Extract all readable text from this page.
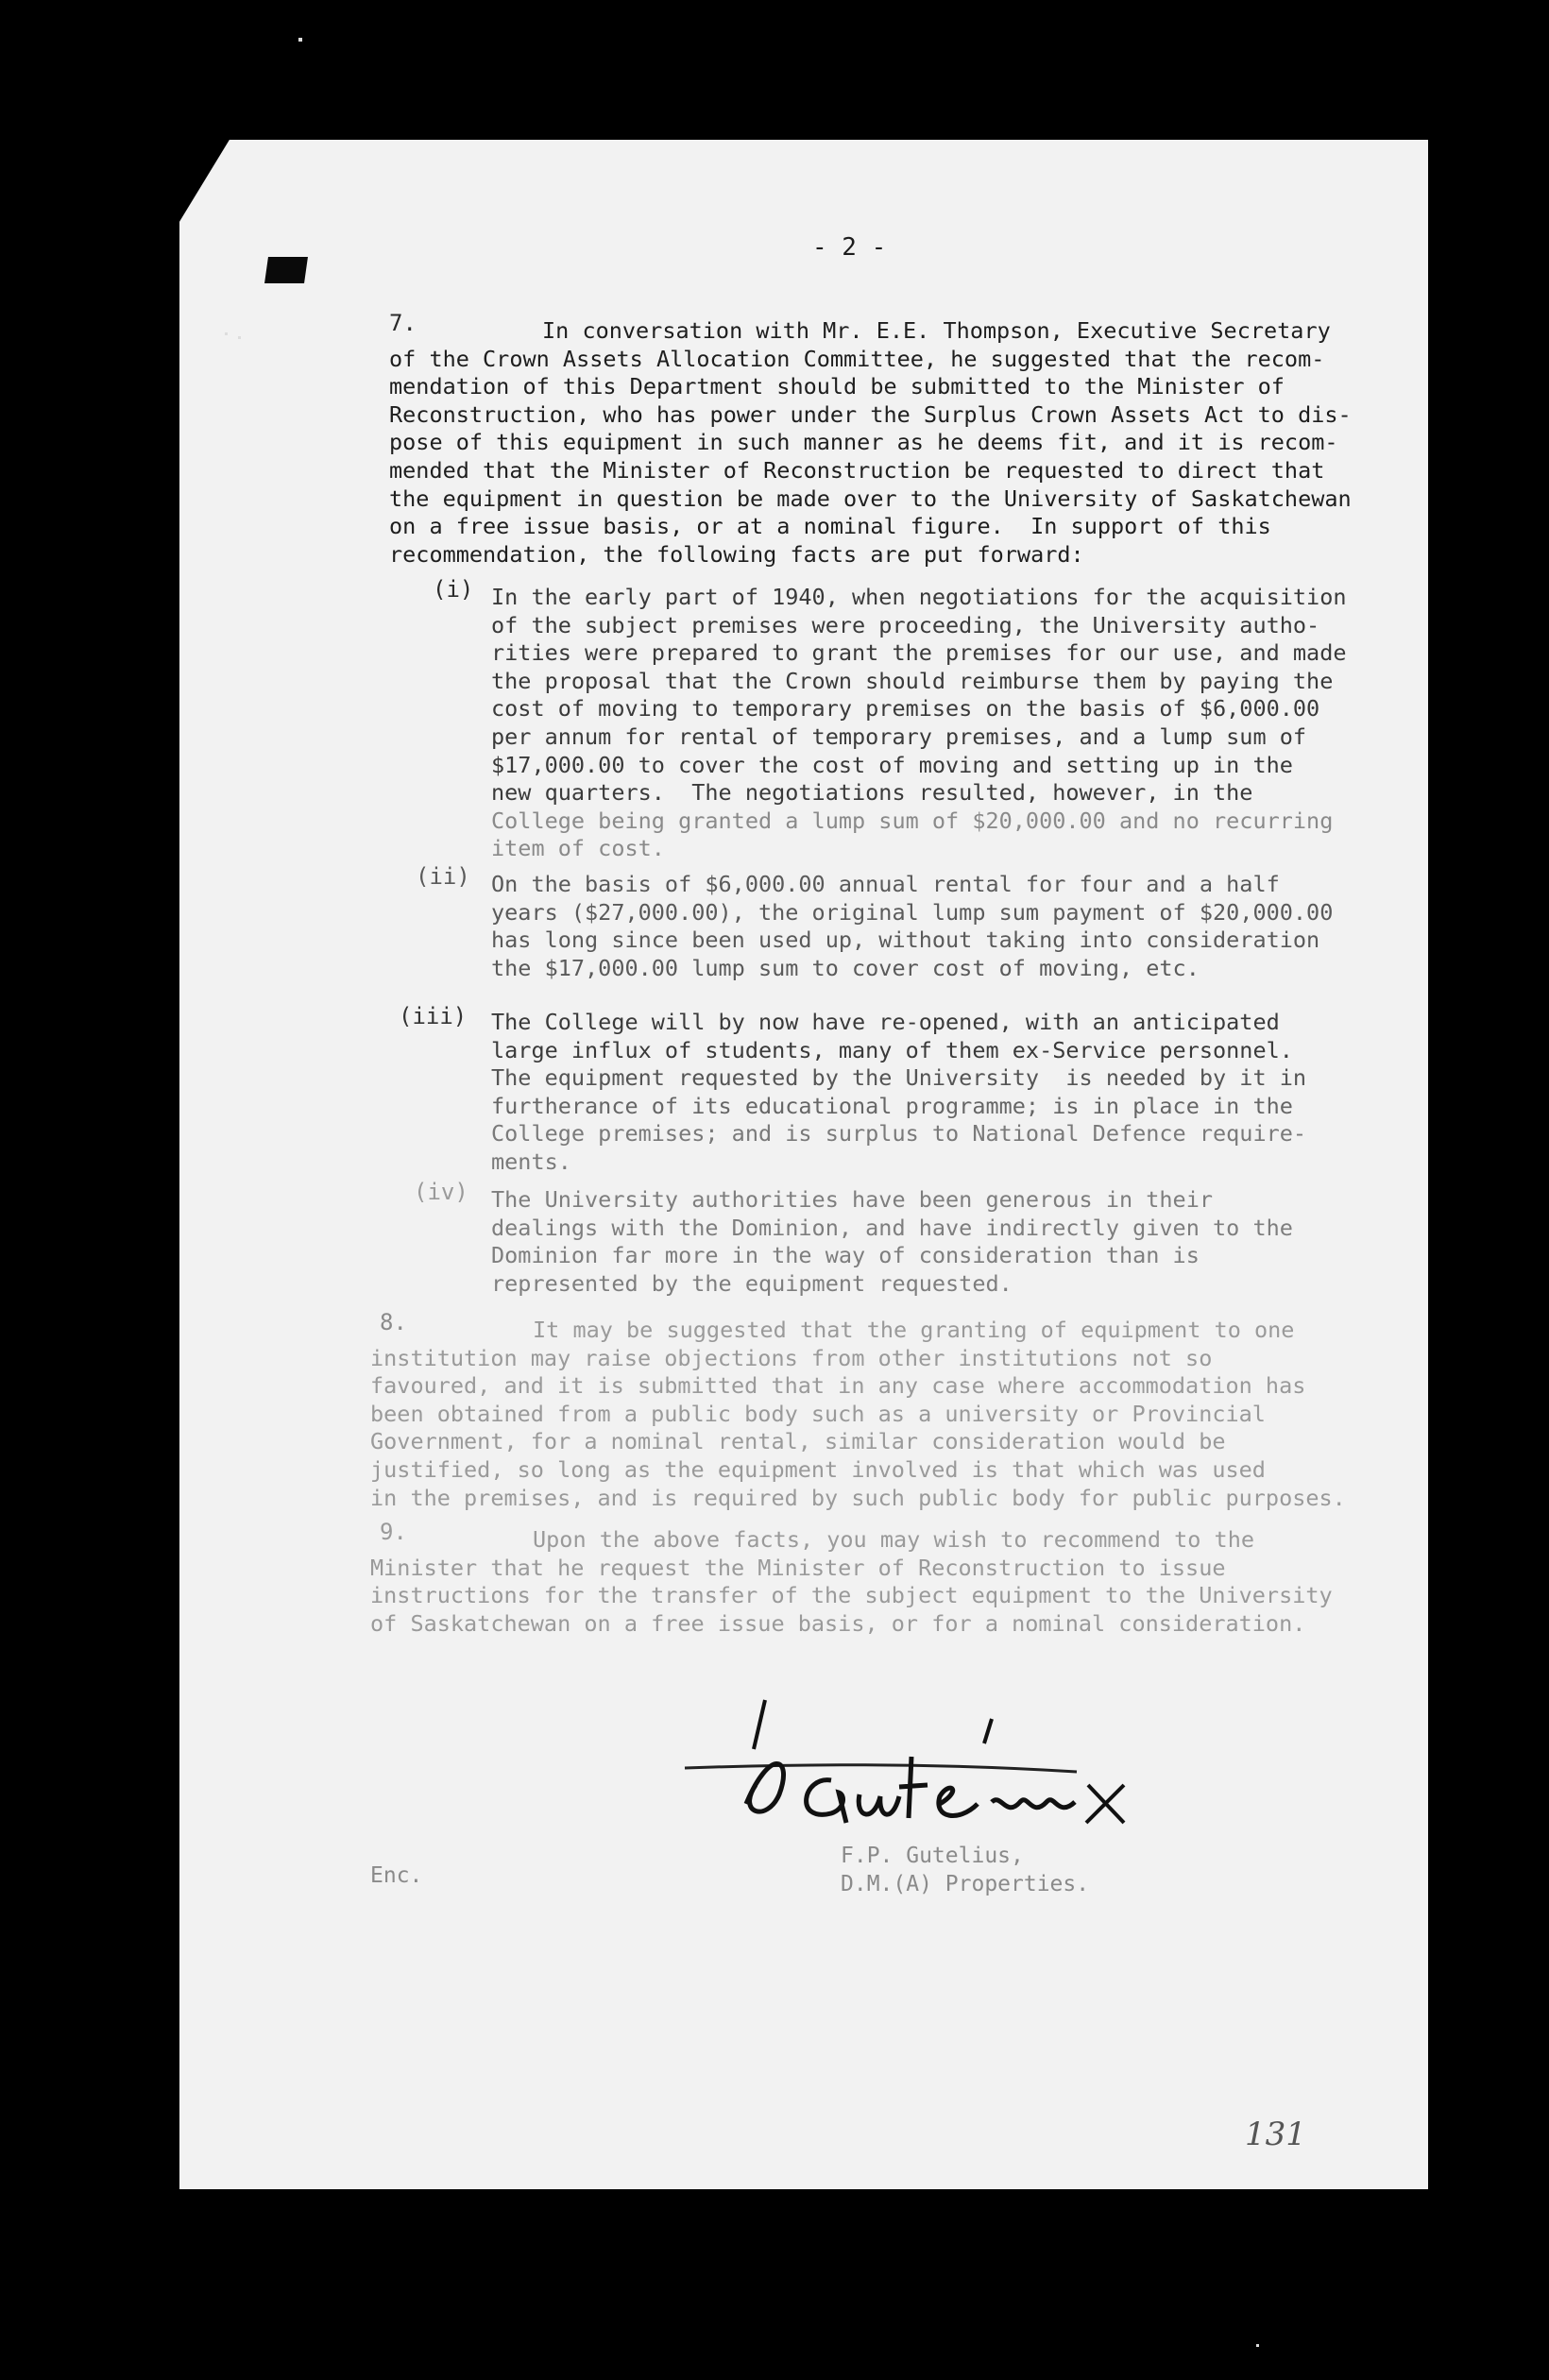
- 2 -
7.	In conversation with Mr. E.E. Thompson, Executive Secretary
of the Crown Assets Allocation Committee, he suggested that the recom-
mendation of this Department should be submitted to the Minister of
Reconstruction, who has power under the Surplus Crown Assets Act to dis-
pose of this equipment in such manner as he deems fit, and it is recom-
mended that the Minister of Reconstruction be requested to direct that
the equipment in question be made over to the University of Saskatchewan
on a free issue basis, or at a nominal figure.  In support of this
recommendation, the following facts are put forward:
(i) In the early part of 1940, when negotiations for the acquisition
of the subject premises were proceeding, the University autho-
rities were prepared to grant the premises for our use, and made
the proposal that the Crown should reimburse them by paying the
cost of moving to temporary premises on the basis of $6,000.00
per annum for rental of temporary premises, and a lump sum of
$17,000.00 to cover the cost of moving and setting up in the
new quarters.  The negotiations resulted, however, in the
College being granted a lump sum of $20,000.00 and no recurring
item of cost.
(ii) On the basis of $6,000.00 annual rental for four and a half
years ($27,000.00), the original lump sum payment of $20,000.00
has long since been used up, without taking into consideration
the $17,000.00 lump sum to cover cost of moving, etc.
(iii) The College will by now have re-opened, with an anticipated
large influx of students, many of them ex-Service personnel.
The equipment requested by the University  is needed by it in
furtherance of its educational programme; is in place in the
College premises; and is surplus to National Defence require-
ments.
(iv) The University authorities have been generous in their
dealings with the Dominion, and have indirectly given to the
Dominion far more in the way of consideration than is
represented by the equipment requested.
8.	It may be suggested that the granting of equipment to one
institution may raise objections from other institutions not so
favoured, and it is submitted that in any case where accommodation has
been obtained from a public body such as a university or Provincial
Government, for a nominal rental, similar consideration would be
justified, so long as the equipment involved is that which was used
in the premises, and is required by such public body for public purposes.
9.	Upon the above facts, you may wish to recommend to the
Minister that he request the Minister of Reconstruction to issue
instructions for the transfer of the subject equipment to the University
of Saskatchewan on a free issue basis, or for a nominal consideration.
Enc.
F.P. Gutelius,
D.M.(A) Properties.
131
